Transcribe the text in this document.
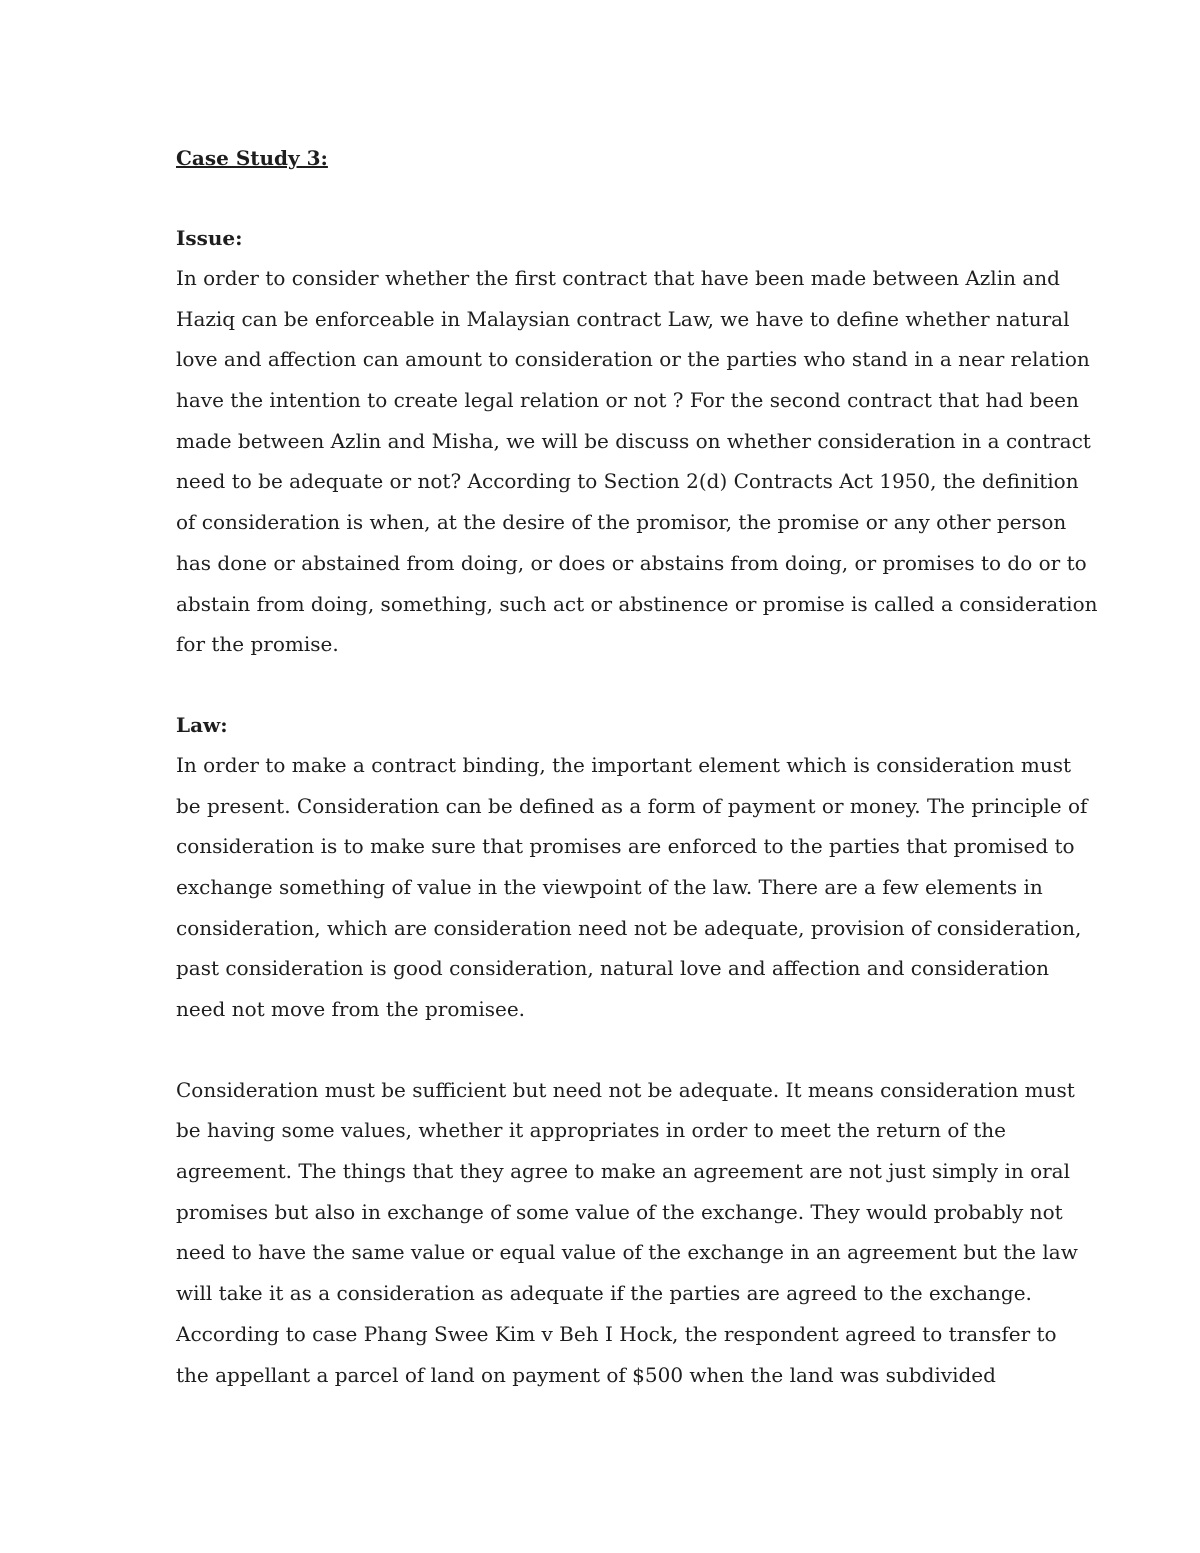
Case Study 3:
Issue:
In order to consider whether the first contract that have been made between Azlin and
Haziq can be enforceable in Malaysian contract Law, we have to define whether natural
love and affection can amount to consideration or the parties who stand in a near relation
have the intention to create legal relation or not ? For the second contract that had been
made between Azlin and Misha, we will be discuss on whether consideration in a contract
need to be adequate or not? According to Section 2(d) Contracts Act 1950, the definition
of consideration is when, at the desire of the promisor, the promise or any other person
has done or abstained from doing, or does or abstains from doing, or promises to do or to
abstain from doing, something, such act or abstinence or promise is called a consideration
for the promise.
Law:
In order to make a contract binding, the important element which is consideration must
be present. Consideration can be defined as a form of payment or money. The principle of
consideration is to make sure that promises are enforced to the parties that promised to
exchange something of value in the viewpoint of the law. There are a few elements in
consideration, which are consideration need not be adequate, provision of consideration,
past consideration is good consideration, natural love and affection and consideration
need not move from the promisee.
Consideration must be sufficient but need not be adequate. It means consideration must
be having some values, whether it appropriates in order to meet the return of the
agreement. The things that they agree to make an agreement are not just simply in oral
promises but also in exchange of some value of the exchange. They would probably not
need to have the same value or equal value of the exchange in an agreement but the law
will take it as a consideration as adequate if the parties are agreed to the exchange.
According to case Phang Swee Kim v Beh I Hock, the respondent agreed to transfer to
the appellant a parcel of land on payment of $500 when the land was subdivided
